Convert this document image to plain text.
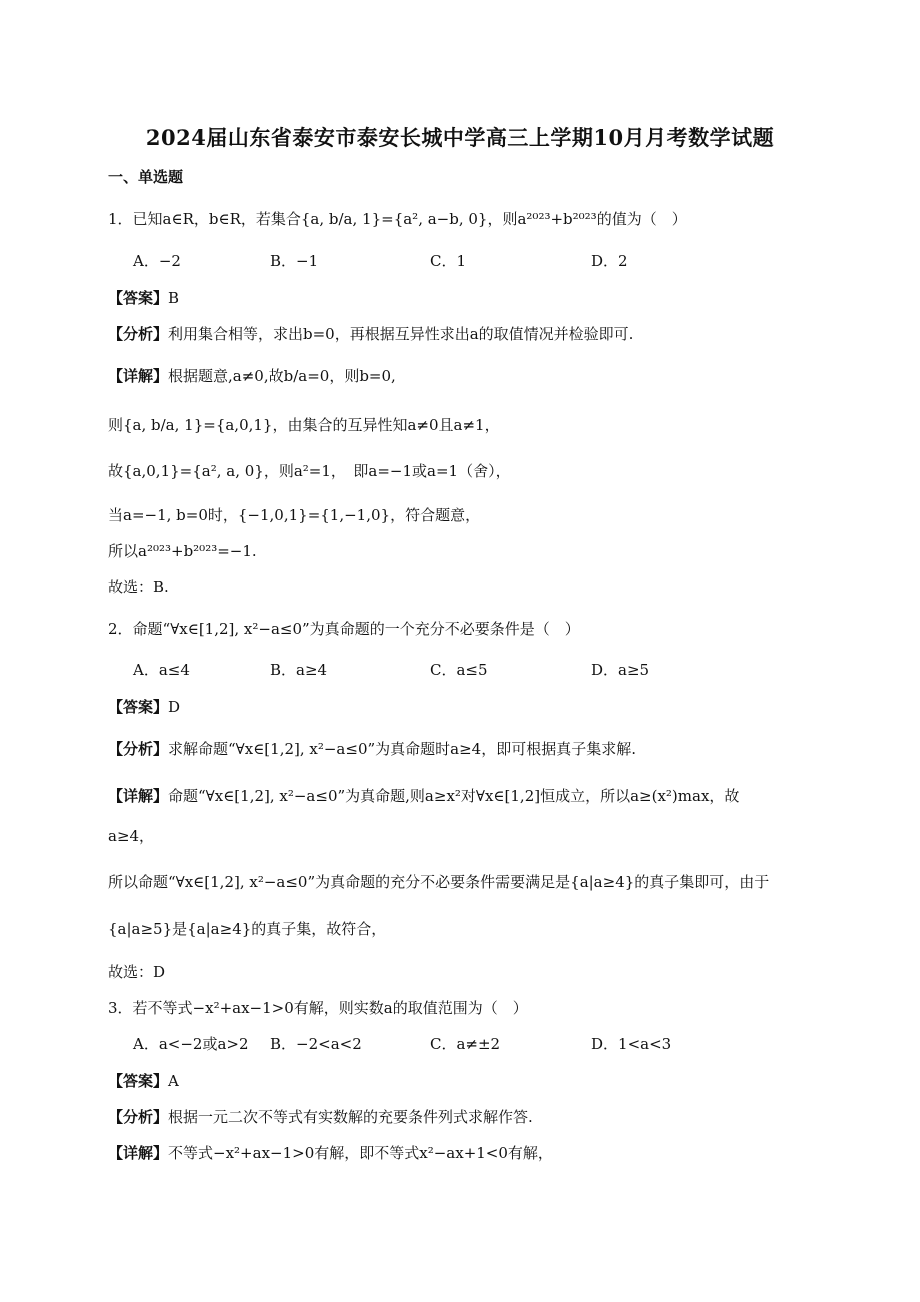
2024届山东省泰安市泰安长城中学高三上学期10月月考数学试题
一、单选题
1．已知a∈R，b∈R，若集合{a, b/a, 1}={a², a−b, 0}，则a²⁰²³+b²⁰²³的值为（　）
A．−2	B．−1	C．1	D．2
【答案】B
【分析】利用集合相等，求出b=0，再根据互异性求出a的取值情况并检验即可.
【详解】根据题意,a≠0,故b/a=0，则b=0,
则{a, b/a, 1}={a,0,1}，由集合的互异性知a≠0且a≠1，
故{a,0,1}={a², a, 0}，则a²=1，　即a=−1或a=1（舍），
当a=−1, b=0时，{−1,0,1}={1,−1,0}，符合题意，
所以a²⁰²³+b²⁰²³=−1.
故选：B.
2．命题“∀x∈[1,2], x²−a≤0”为真命题的一个充分不必要条件是（　）
A．a≤4	B．a≥4	C．a≤5	D．a≥5
【答案】D
【分析】求解命题“∀x∈[1,2], x²−a≤0”为真命题时a≥4，即可根据真子集求解.
【详解】命题“∀x∈[1,2], x²−a≤0”为真命题,则a≥x²对∀x∈[1,2]恒成立，所以a≥(x²)max，故
a≥4，
所以命题“∀x∈[1,2], x²−a≤0”为真命题的充分不必要条件需要满足是{a|a≥4}的真子集即可，由于
{a|a≥5}是{a|a≥4}的真子集，故符合，
故选：D
3．若不等式−x²+ax−1>0有解，则实数a的取值范围为（　）
A．a<−2或a>2 B．−2<a<2	C．a≠±2	D．1<a<3
【答案】A
【分析】根据一元二次不等式有实数解的充要条件列式求解作答.
【详解】不等式−x²+ax−1>0有解，即不等式x²−ax+1<0有解，
